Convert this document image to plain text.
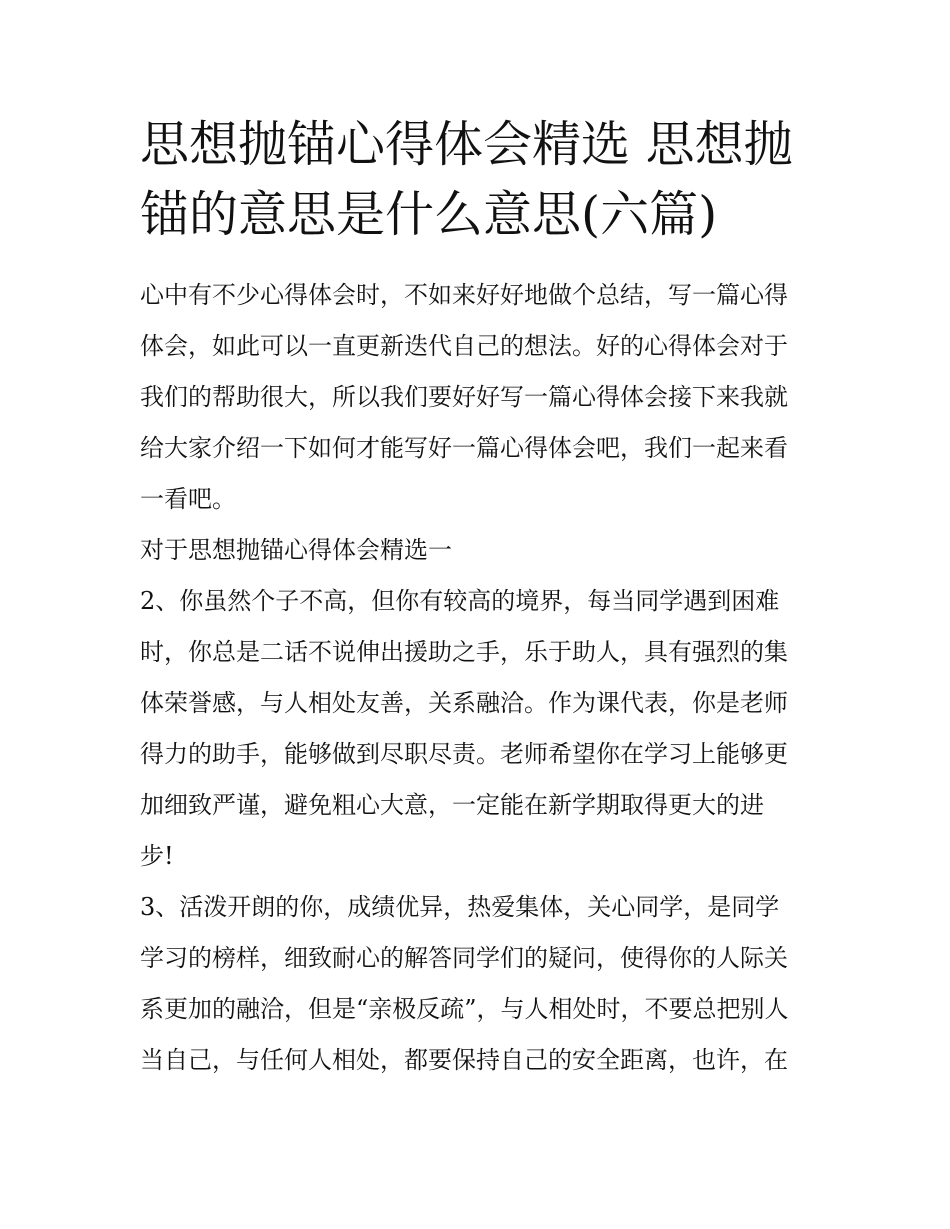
思想抛锚心得体会精选 思想抛
锚的意思是什么意思(六篇)

心中有不少心得体会时，不如来好好地做个总结，写一篇心得
体会，如此可以一直更新迭代自己的想法。好的心得体会对于
我们的帮助很大，所以我们要好好写一篇心得体会接下来我就
给大家介绍一下如何才能写好一篇心得体会吧，我们一起来看
一看吧。

对于思想抛锚心得体会精选一

2、你虽然个子不高，但你有较高的境界，每当同学遇到困难
时，你总是二话不说伸出援助之手，乐于助人，具有强烈的集
体荣誉感，与人相处友善，关系融洽。作为课代表，你是老师
得力的助手，能够做到尽职尽责。老师希望你在学习上能够更
加细致严谨，避免粗心大意，一定能在新学期取得更大的进
步!

3、活泼开朗的你，成绩优异，热爱集体，关心同学，是同学
学习的榜样，细致耐心的解答同学们的疑问，使得你的人际关
系更加的融洽，但是“亲极反疏”，与人相处时，不要总把别人
当自己，与任何人相处，都要保持自己的安全距离，也许，在
